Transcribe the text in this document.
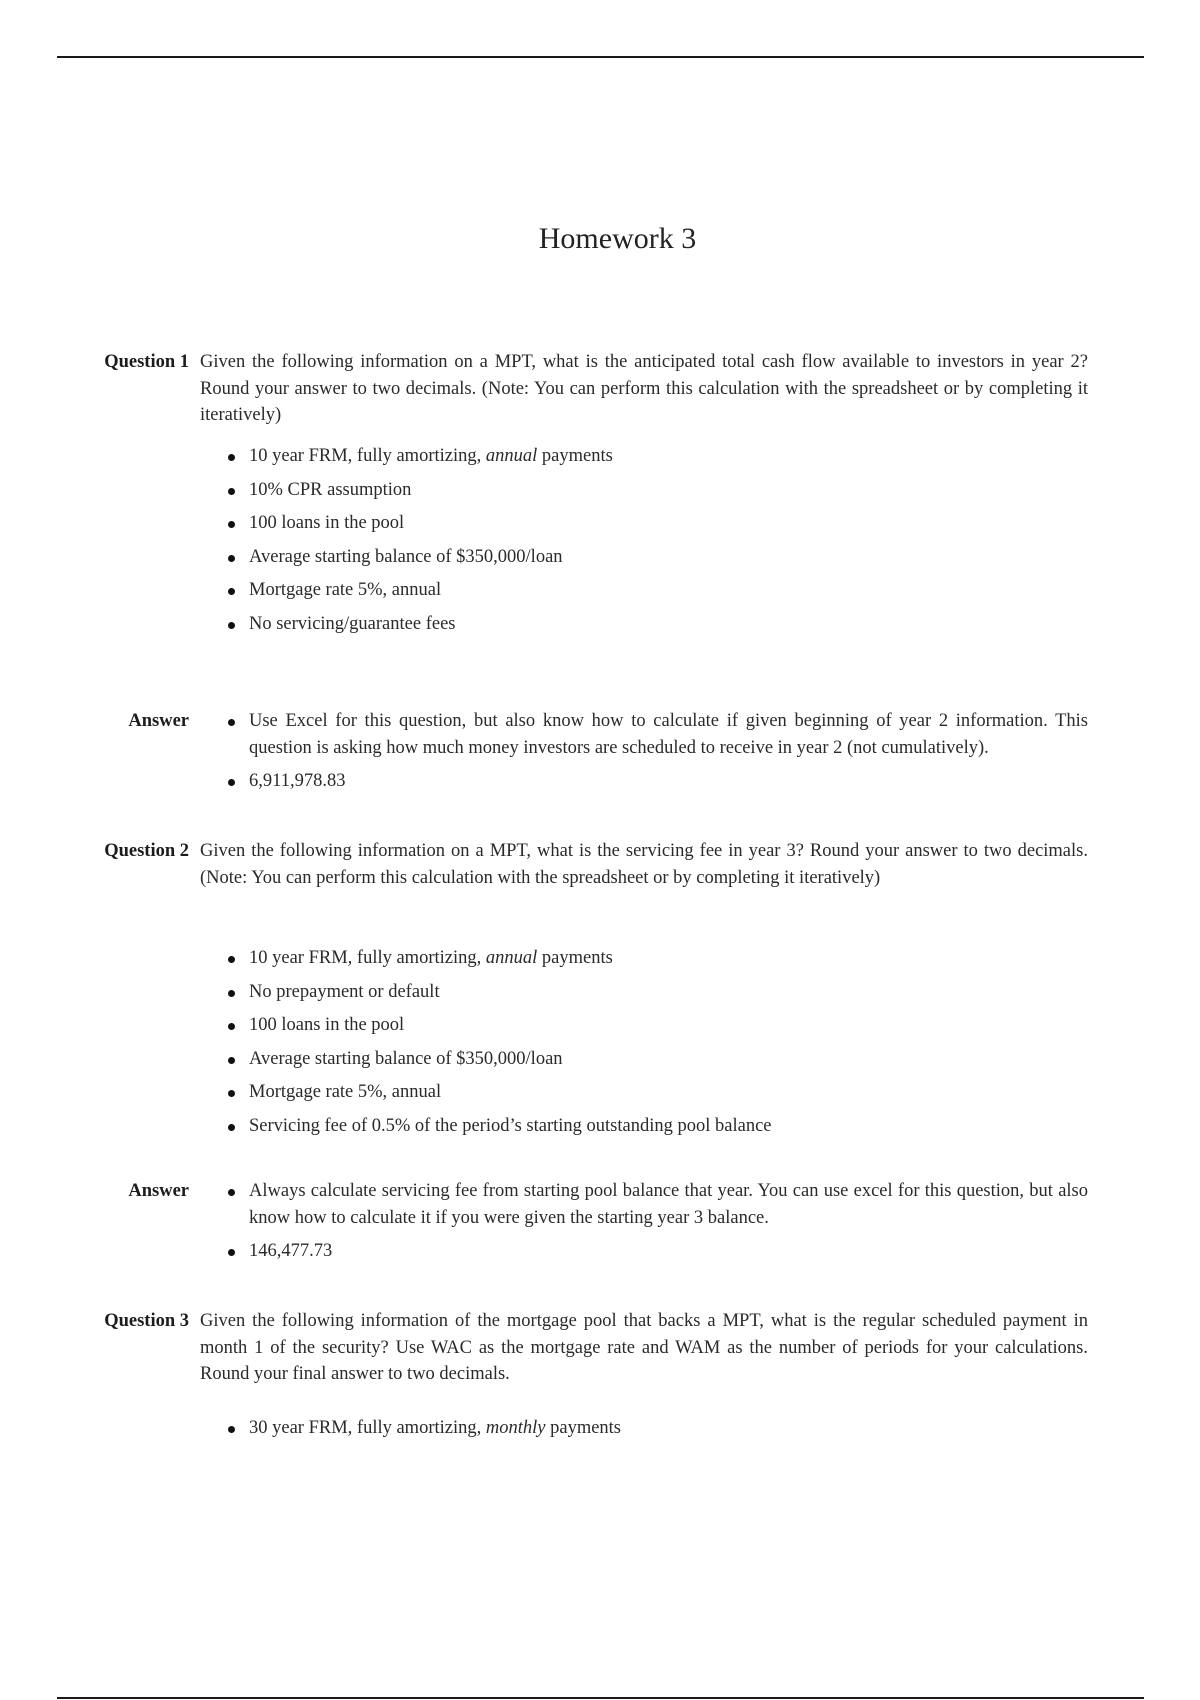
Homework 3
Question 1 Given the following information on a MPT, what is the anticipated total cash flow available to investors in year 2? Round your answer to two decimals. (Note: You can perform this calculation with the spreadsheet or by completing it iteratively)
10 year FRM, fully amortizing, annual payments
10% CPR assumption
100 loans in the pool
Average starting balance of $350,000/loan
Mortgage rate 5%, annual
No servicing/guarantee fees
Answer	Use Excel for this question, but also know how to calculate if given beginning of year 2 information. This question is asking how much money investors are scheduled to receive in year 2 (not cumulatively).
6,911,978.83
Question 2 Given the following information on a MPT, what is the servicing fee in year 3? Round your answer to two decimals. (Note: You can perform this calculation with the spreadsheet or by completing it iteratively)
10 year FRM, fully amortizing, annual payments
No prepayment or default
100 loans in the pool
Average starting balance of $350,000/loan
Mortgage rate 5%, annual
Servicing fee of 0.5% of the period’s starting outstanding pool balance
Answer	Always calculate servicing fee from starting pool balance that year. You can use excel for this question, but also know how to calculate it if you were given the starting year 3 balance.
146,477.73
Question 3 Given the following information of the mortgage pool that backs a MPT, what is the regular scheduled payment in month 1 of the security? Use WAC as the mortgage rate and WAM as the number of periods for your calculations. Round your final answer to two decimals.
30 year FRM, fully amortizing, monthly payments
